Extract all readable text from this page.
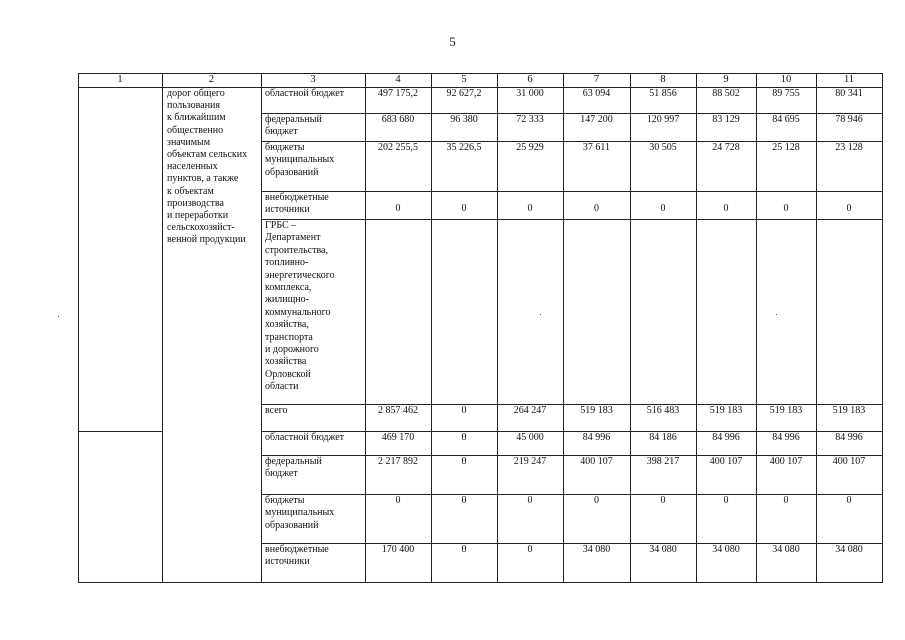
5
1	2	3	4	5	6	7	8	9	10	11
дорог общего
пользования
к ближайшим
общественно
значимым
объектам сельских
населенных
пунктов, а также
к объектам
производства
и переработки
сельскохозяйст-
венной продукции
областной бюджет	497 175,2	92 627,2	31 000	63 094	51 856	88 502	89 755	80 341
федеральный
бюджет
683 680	96 380	72 333	147 200	120 997	83 129	84 695	78 946
бюджеты
муниципальных
образований
202 255,5	35 226,5	25 929	37 611	30 505	24 728	25 128	23 128
внебюджетные
источники	0	0	0	0	0	0	0	0
ГРБС –
Департамент
строительства,
топливно-
энергетического
комплекса,
жилищно-
коммунального
хозяйства,
транспорта
и дорожного
хозяйства
Орловской
области
всего	2 857 462	0	264 247	519 183	516 483	519 183	519 183	519 183
областной бюджет	469 170	0	45 000	84 996	84 186	84 996	84 996	84 996
федеральный
бюджет
2 217 892	0	219 247	400 107	398 217	400 107	400 107	400 107
бюджеты
муниципальных
образований
0	0	0	0	0	0	0	0
внебюджетные
источники
170 400	0	0	34 080	34 080	34 080	34 080	34 080
